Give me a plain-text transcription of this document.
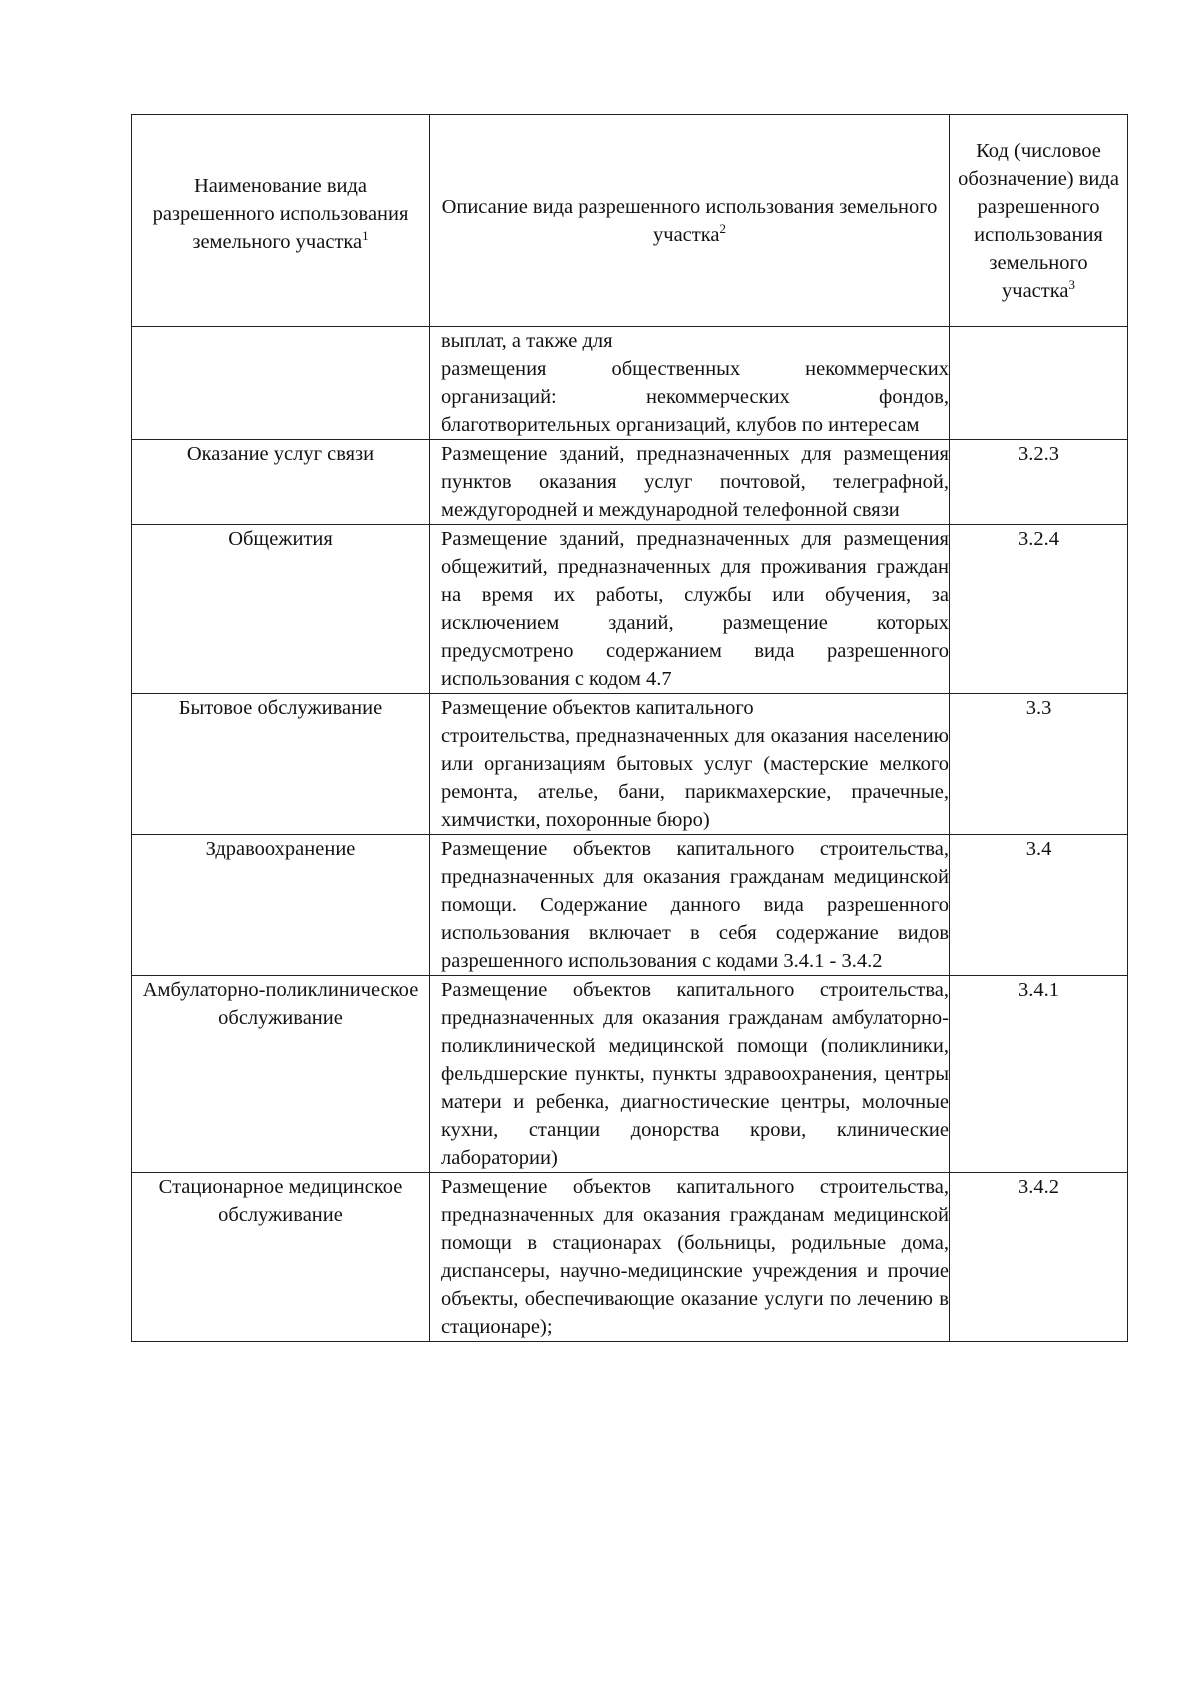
Наименование вида разрешенного использования земельного участка$^1$	Описание вида разрешенного использования земельного участка$^2$	Код (числовое обозначение) вида разрешенного использования земельного участка$^3$

	выплат, а также для

размещения общественных некоммерческих организаций: некоммерческих фондов, благотворительных организаций, клубов по интересам	

Оказание услуг связи	Размещение зданий, предназначенных для размещения пунктов оказания услуг почтовой, телеграфной, междугородней и международной телефонной связи	3.2.3
Общежития	Размещение зданий, предназначенных для размещения общежитий, предназначенных для проживания граждан на время их работы, службы или обучения, за исключением зданий, размещение которых предусмотрено содержанием вида разрешенного использования с кодом 4.7	3.2.4
Бытовое обслуживание	Размещение объектов капитального

строительства, предназначенных для оказания населению или организациям бытовых услуг (мастерские мелкого ремонта, ателье, бани, парикмахерские, прачечные, химчистки, похоронные бюро)	3.3
Здравоохранение	Размещение объектов капитального строительства, предназначенных для оказания гражданам медицинской помощи. Содержание данного вида разрешенного использования включает в себя содержание видов разрешенного использования с кодами 3.4.1 - 3.4.2	3.4
Амбулаторно-поликлиническое обслуживание	Размещение объектов капитального строительства, предназначенных для оказания гражданам амбулаторно-поликлинической медицинской помощи (поликлиники, фельдшерские пункты, пункты здравоохранения, центры матери и ребенка, диагностические центры, молочные кухни, станции донорства крови, клинические лаборатории)	3.4.1
Стационарное медицинское обслуживание	Размещение объектов капитального строительства, предназначенных для оказания гражданам медицинской помощи в стационарах (больницы, родильные дома, диспансеры, научно-медицинские учреждения и прочие объекты, обеспечивающие оказание услуги по лечению в стационаре);	3.4.2
